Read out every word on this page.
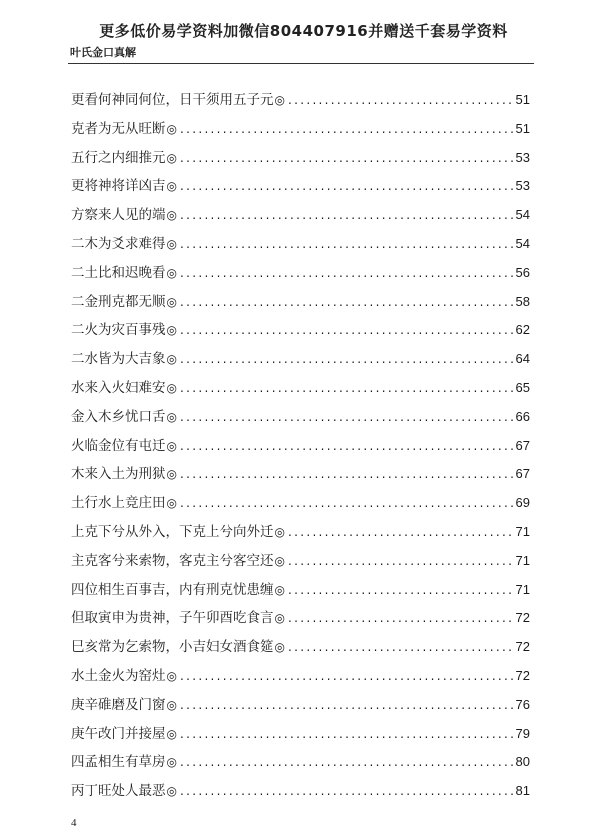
更多低价易学资料加微信804407916并赠送千套易学资料
叶氏金口真解
更看何神同何位，日干须用五子元 ◎ .....	51
克者为无从旺断 ◎ .....	51
五行之内细推元 ◎ .....	53
更将神将详凶吉 ◎ .....	53
方察来人见的端 ◎ .....	54
二木为爻求难得 ◎ .....	54
二土比和迟晚看 ◎ .....	56
二金刑克都无顺 ◎ .....	58
二火为灾百事残 ◎ .....	62
二水皆为大吉象 ◎ .....	64
水来入火妇难安 ◎ .....	65
金入木乡忧口舌 ◎ .....	66
火临金位有屯迁 ◎ .....	67
木来入土为刑狱 ◎ .....	67
土行水上竞庄田 ◎ .....	69
上克下兮从外入，下克上兮向外迁 ◎ .....	71
主克客兮来索物，客克主兮客空还 ◎ .....	71
四位相生百事吉，内有刑克忧患缠 ◎ .....	71
但取寅申为贵神，子午卯酉吃食言 ◎ .....	72
巳亥常为乞索物，小吉妇女酒食筵 ◎ .....	72
水土金火为窑灶 ◎ .....	72
庚辛碓磨及门窗 ◎ .....	76
庚午改门并接屋 ◎ .....	79
四孟相生有草房 ◎ .....	80
丙丁旺处人最恶 ◎ .....	81
4
